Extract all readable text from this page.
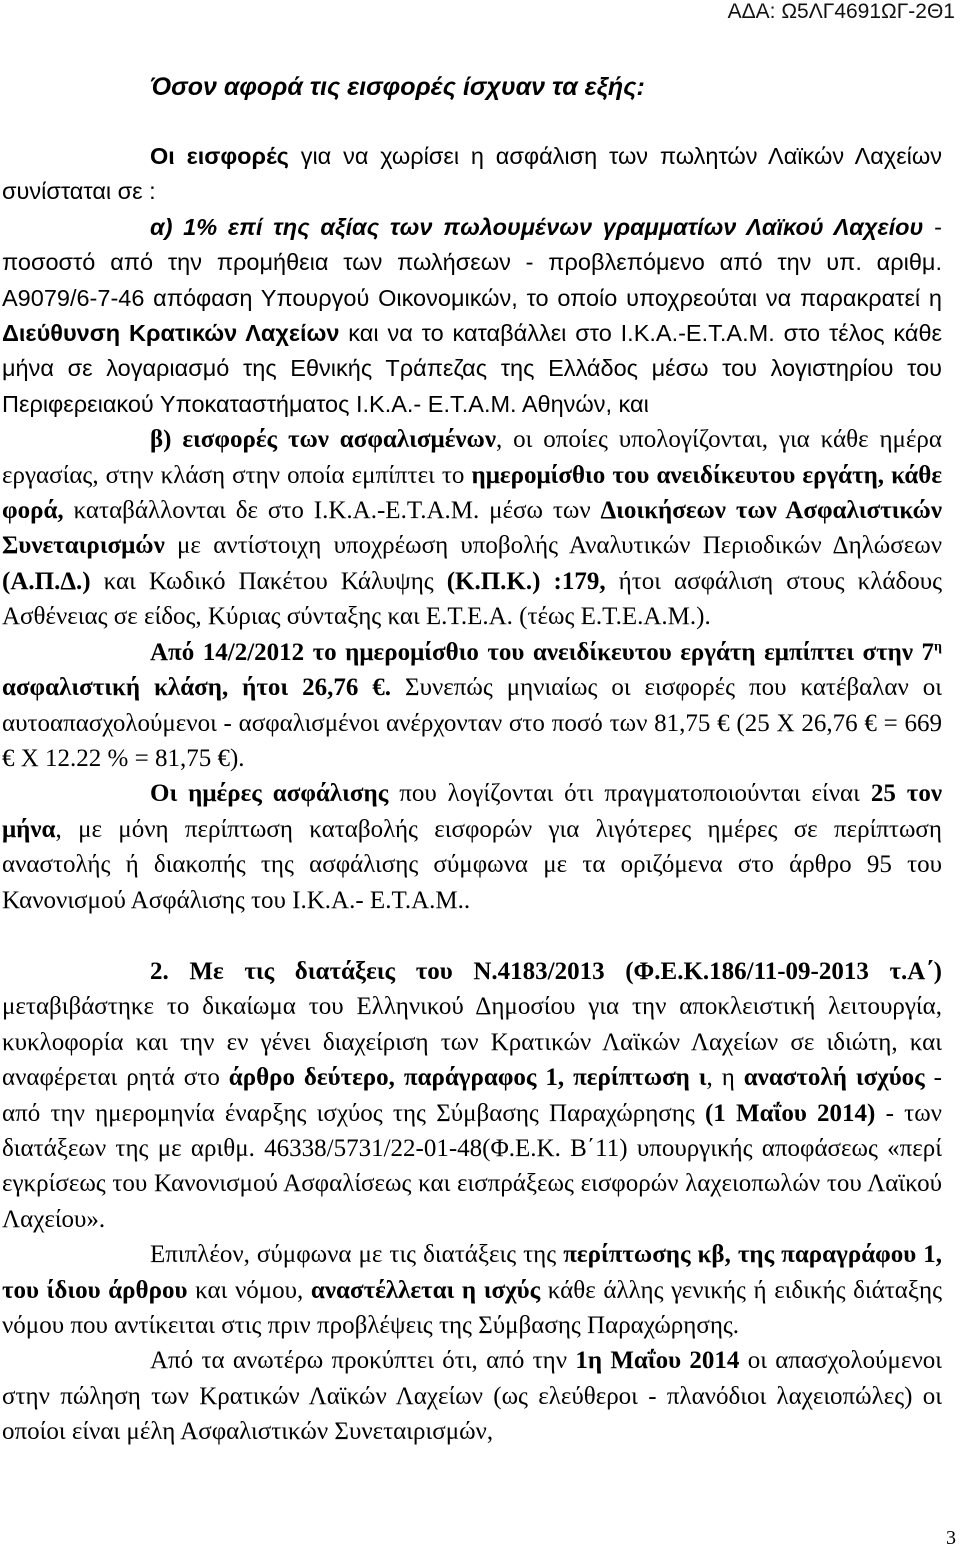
ΑΔΑ: Ω5ΛΓ4691ΩΓ-2Θ1
Όσον αφορά τις εισφορές ίσχυαν τα εξής:

Οι εισφορές για να χωρίσει η ασφάλιση των πωλητών Λαϊκών Λαχείων συνίσταται σε :

α) 1% επί της αξίας των πωλουμένων γραμματίων Λαϊκού Λαχείου - ποσοστό από την προμήθεια των πωλήσεων - προβλεπόμενο από την υπ. αριθμ. Α9079/6-7-46 απόφαση Υπουργού Οικονομικών, το οποίο υποχρεούται να παρακρατεί η Διεύθυνση Κρατικών Λαχείων και να το καταβάλλει στο Ι.Κ.Α.-Ε.Τ.Α.Μ. στο τέλος κάθε μήνα σε λογαριασμό της Εθνικής Τράπεζας της Ελλάδος μέσω του λογιστηρίου του Περιφερειακού Υποκαταστήματος Ι.Κ.Α.- Ε.Τ.Α.Μ. Αθηνών, και

β) εισφορές των ασφαλισμένων, οι οποίες υπολογίζονται, για κάθε ημέρα εργασίας, στην κλάση στην οποία εμπίπτει το ημερομίσθιο του ανειδίκευτου εργάτη, κάθε φορά, καταβάλλονται δε στο Ι.Κ.Α.-Ε.Τ.Α.Μ. μέσω των Διοικήσεων των Ασφαλιστικών Συνεταιρισμών με αντίστοιχη υποχρέωση υποβολής Αναλυτικών Περιοδικών Δηλώσεων (Α.Π.Δ.) και Κωδικό Πακέτου Κάλυψης (Κ.Π.Κ.) :179, ήτοι ασφάλιση στους κλάδους Ασθένειας σε είδος, Κύριας σύνταξης και Ε.Τ.Ε.Α. (τέως Ε.Τ.Ε.Α.Μ.).

Από 14/2/2012 το ημερομίσθιο του ανειδίκευτου εργάτη εμπίπτει στην $7^\eta$ ασφαλιστική κλάση, ήτοι 26,76 €. Συνεπώς μηνιαίως οι εισφορές που κατέβαλαν οι αυτοαπασχολούμενοι - ασφαλισμένοι ανέρχονταν στο ποσό των 81,75 € (25 Χ 26,76 € = 669 € Χ 12.22 % = 81,75 €).

Οι ημέρες ασφάλισης που λογίζονται ότι πραγματοποιούνται είναι 25 τον μήνα, με μόνη περίπτωση καταβολής εισφορών για λιγότερες ημέρες σε περίπτωση αναστολής ή διακοπής της ασφάλισης σύμφωνα με τα οριζόμενα στο άρθρο 95 του Κανονισμού Ασφάλισης του Ι.Κ.Α.- Ε.Τ.Α.Μ..

2. Με τις διατάξεις του Ν.4183/2013 (Φ.Ε.Κ.186/11-09-2013 τ.Α΄) μεταβιβάστηκε το δικαίωμα του Ελληνικού Δημοσίου για την αποκλειστική λειτουργία, κυκλοφορία και την εν γένει διαχείριση των Κρατικών Λαϊκών Λαχείων σε ιδιώτη, και αναφέρεται ρητά στο άρθρο δεύτερο, παράγραφος 1, περίπτωση ι, η αναστολή ισχύος - από την ημερομηνία έναρξης ισχύος της Σύμβασης Παραχώρησης (1 Μαΐου 2014) - των διατάξεων της με αριθμ. 46338/5731/22-01-48(Φ.Ε.Κ. Β΄11) υπουργικής αποφάσεως «περί εγκρίσεως του Κανονισμού Ασφαλίσεως και εισπράξεως εισφορών λαχειοπωλών του Λαϊκού Λαχείου».

Επιπλέον, σύμφωνα με τις διατάξεις της περίπτωσης κβ, της παραγράφου 1, του ίδιου άρθρου και νόμου, αναστέλλεται η ισχύς κάθε άλλης γενικής ή ειδικής διάταξης νόμου που αντίκειται στις πριν προβλέψεις της Σύμβασης Παραχώρησης.

Από τα ανωτέρω προκύπτει ότι, από την 1η Μαΐου 2014 οι απασχολούμενοι στην πώληση των Κρατικών Λαϊκών Λαχείων (ως ελεύθεροι - πλανόδιοι λαχειοπώλες) οι οποίοι είναι μέλη Ασφαλιστικών Συνεταιρισμών,

3
